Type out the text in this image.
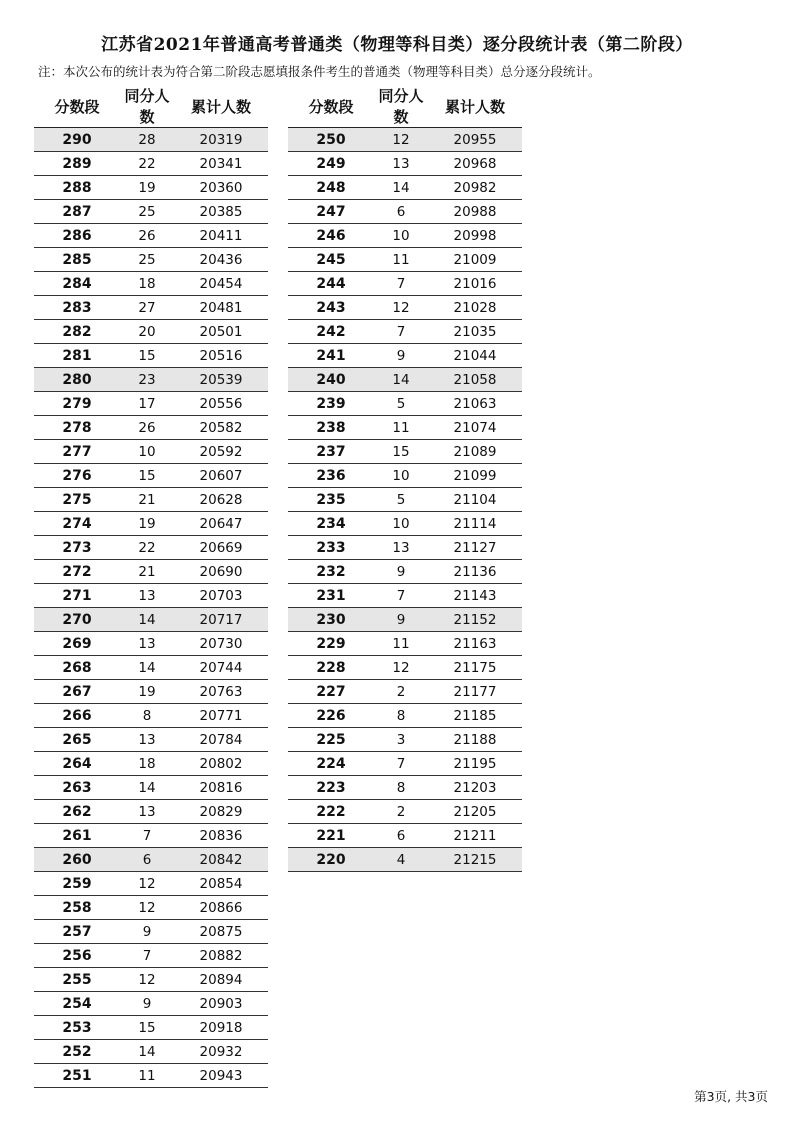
江苏省2021年普通高考普通类（物理等科目类）逐分段统计表（第二阶段）
注：本次公布的统计表为符合第二阶段志愿填报条件考生的普通类（物理等科目类）总分逐分段统计。
分数段	同分人数	累计人数
290	28	20319
289	22	20341
288	19	20360
287	25	20385
286	26	20411
285	25	20436
284	18	20454
283	27	20481
282	20	20501
281	15	20516
280	23	20539
279	17	20556
278	26	20582
277	10	20592
276	15	20607
275	21	20628
274	19	20647
273	22	20669
272	21	20690
271	13	20703
270	14	20717
269	13	20730
268	14	20744
267	19	20763
266	8	20771
265	13	20784
264	18	20802
263	14	20816
262	13	20829
261	7	20836
260	6	20842
259	12	20854
258	12	20866
257	9	20875
256	7	20882
255	12	20894
254	9	20903
253	15	20918
252	14	20932
251	11	20943
分数段	同分人数	累计人数
250	12	20955
249	13	20968
248	14	20982
247	6	20988
246	10	20998
245	11	21009
244	7	21016
243	12	21028
242	7	21035
241	9	21044
240	14	21058
239	5	21063
238	11	21074
237	15	21089
236	10	21099
235	5	21104
234	10	21114
233	13	21127
232	9	21136
231	7	21143
230	9	21152
229	11	21163
228	12	21175
227	2	21177
226	8	21185
225	3	21188
224	7	21195
223	8	21203
222	2	21205
221	6	21211
220	4	21215
第3页, 共3页
